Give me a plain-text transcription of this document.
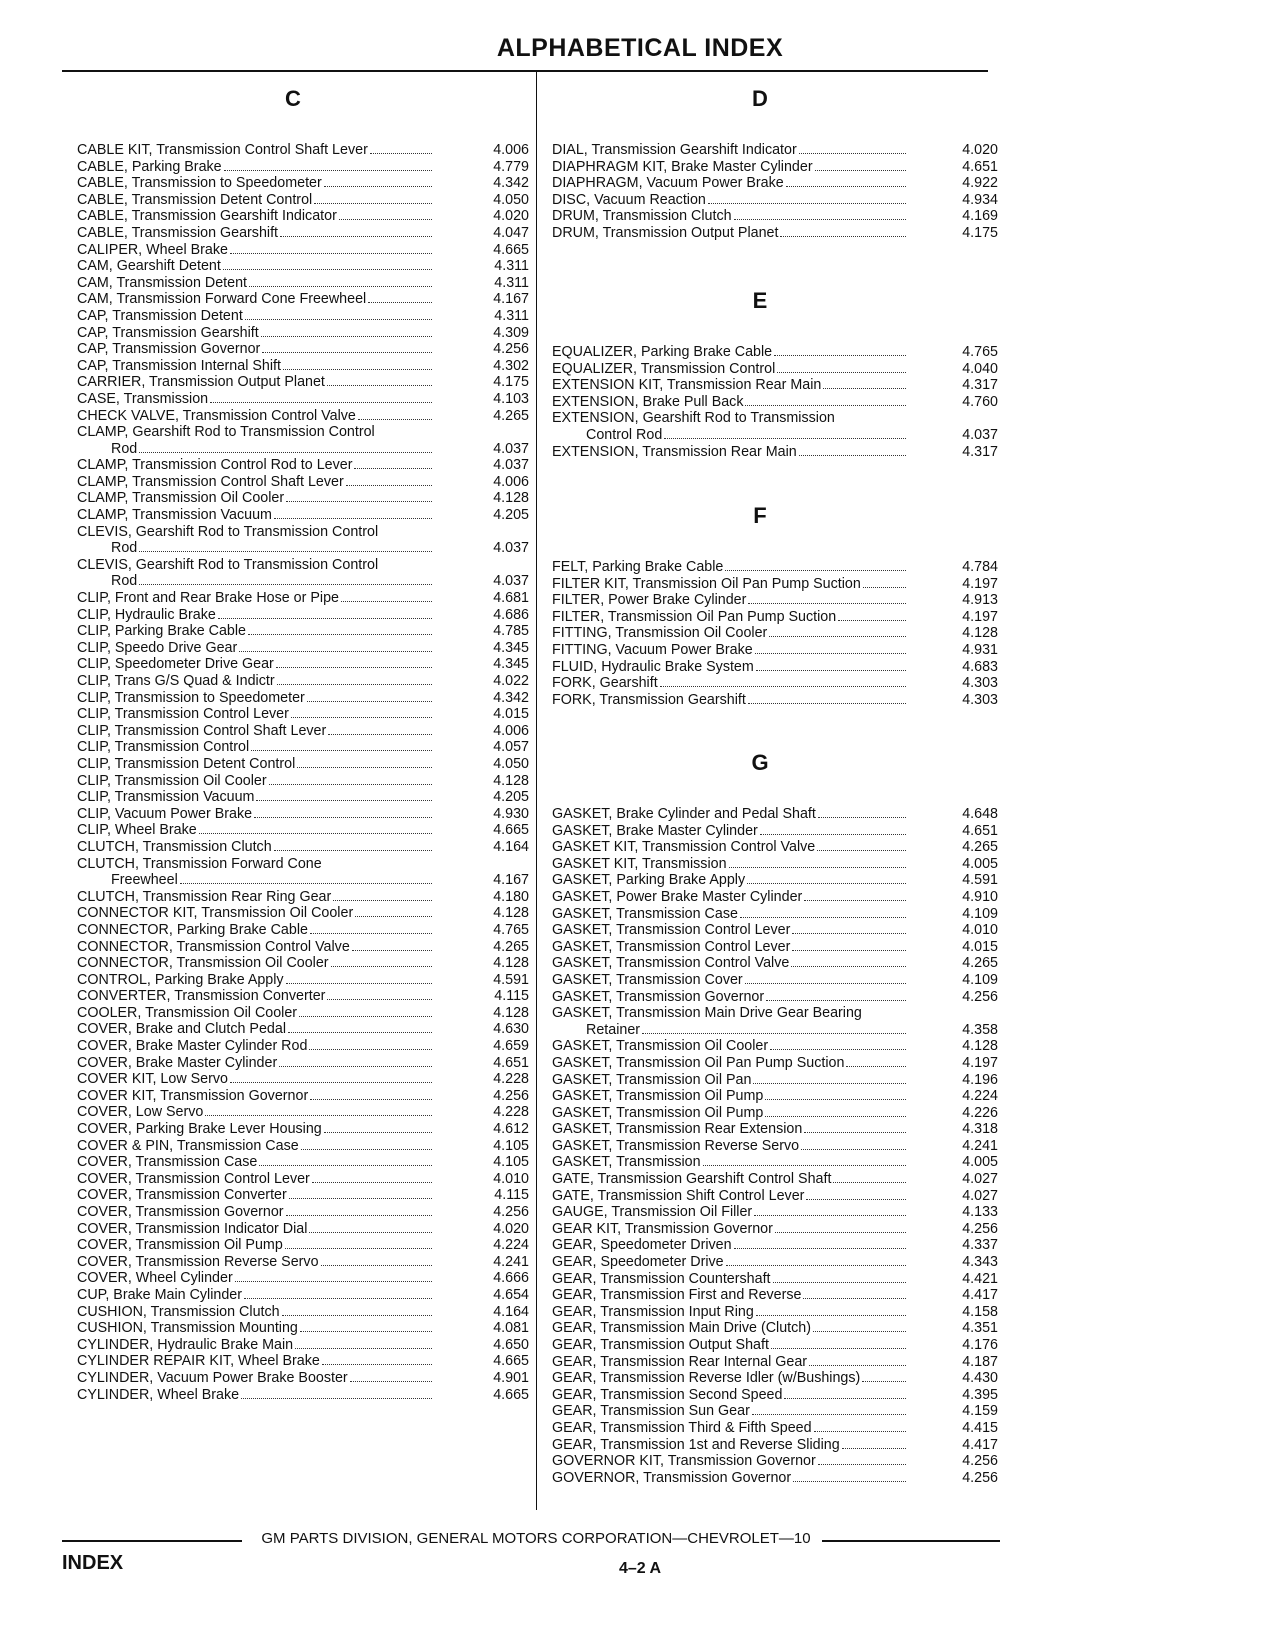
ALPHABETICAL INDEX
C
CABLE KIT, Transmission Control Shaft Lever	4.006
CABLE, Parking Brake	4.779
CABLE, Transmission to Speedometer	4.342
CABLE, Transmission Detent Control	4.050
CABLE, Transmission Gearshift Indicator	4.020
CABLE, Transmission Gearshift	4.047
CALIPER, Wheel Brake	4.665
CAM, Gearshift Detent	4.311
CAM, Transmission Detent	4.311
CAM, Transmission Forward Cone Freewheel	4.167
CAP, Transmission Detent	4.311
CAP, Transmission Gearshift	4.309
CAP, Transmission Governor	4.256
CAP, Transmission Internal Shift	4.302
CARRIER, Transmission Output Planet	4.175
CASE, Transmission	4.103
CHECK VALVE, Transmission Control Valve	4.265
CLAMP, Gearshift Rod to Transmission Control
Rod	4.037
CLAMP, Transmission Control Rod to Lever	4.037
CLAMP, Transmission Control Shaft Lever	4.006
CLAMP, Transmission Oil Cooler	4.128
CLAMP, Transmission Vacuum	4.205
CLEVIS, Gearshift Rod to Transmission Control
Rod	4.037
CLEVIS, Gearshift Rod to Transmission Control
Rod	4.037
CLIP, Front and Rear Brake Hose or Pipe	4.681
CLIP, Hydraulic Brake	4.686
CLIP, Parking Brake Cable	4.785
CLIP, Speedo Drive Gear	4.345
CLIP, Speedometer Drive Gear	4.345
CLIP, Trans G/S Quad & Indictr	4.022
CLIP, Transmission to Speedometer	4.342
CLIP, Transmission Control Lever	4.015
CLIP, Transmission Control Shaft Lever	4.006
CLIP, Transmission Control	4.057
CLIP, Transmission Detent Control	4.050
CLIP, Transmission Oil Cooler	4.128
CLIP, Transmission Vacuum	4.205
CLIP, Vacuum Power Brake	4.930
CLIP, Wheel Brake	4.665
CLUTCH, Transmission Clutch	4.164
CLUTCH, Transmission Forward Cone
Freewheel	4.167
CLUTCH, Transmission Rear Ring Gear	4.180
CONNECTOR KIT, Transmission Oil Cooler	4.128
CONNECTOR, Parking Brake Cable	4.765
CONNECTOR, Transmission Control Valve	4.265
CONNECTOR, Transmission Oil Cooler	4.128
CONTROL, Parking Brake Apply	4.591
CONVERTER, Transmission Converter	4.115
COOLER, Transmission Oil Cooler	4.128
COVER, Brake and Clutch Pedal	4.630
COVER, Brake Master Cylinder Rod	4.659
COVER, Brake Master Cylinder	4.651
COVER KIT, Low Servo	4.228
COVER KIT, Transmission Governor	4.256
COVER, Low Servo	4.228
COVER, Parking Brake Lever Housing	4.612
COVER & PIN, Transmission Case	4.105
COVER, Transmission Case	4.105
COVER, Transmission Control Lever	4.010
COVER, Transmission Converter	4.115
COVER, Transmission Governor	4.256
COVER, Transmission Indicator Dial	4.020
COVER, Transmission Oil Pump	4.224
COVER, Transmission Reverse Servo	4.241
COVER, Wheel Cylinder	4.666
CUP, Brake Main Cylinder	4.654
CUSHION, Transmission Clutch	4.164
CUSHION, Transmission Mounting	4.081
CYLINDER, Hydraulic Brake Main	4.650
CYLINDER REPAIR KIT, Wheel Brake	4.665
CYLINDER, Vacuum Power Brake Booster	4.901
CYLINDER, Wheel Brake	4.665
D
DIAL, Transmission Gearshift Indicator	4.020
DIAPHRAGM KIT, Brake Master Cylinder	4.651
DIAPHRAGM, Vacuum Power Brake	4.922
DISC, Vacuum Reaction	4.934
DRUM, Transmission Clutch	4.169
DRUM, Transmission Output Planet	4.175
E
EQUALIZER, Parking Brake Cable	4.765
EQUALIZER, Transmission Control	4.040
EXTENSION KIT, Transmission Rear Main	4.317
EXTENSION, Brake Pull Back	4.760
EXTENSION, Gearshift Rod to Transmission
Control Rod	4.037
EXTENSION, Transmission Rear Main	4.317
F
FELT, Parking Brake Cable	4.784
FILTER KIT, Transmission Oil Pan Pump Suction	4.197
FILTER, Power Brake Cylinder	4.913
FILTER, Transmission Oil Pan Pump Suction	4.197
FITTING, Transmission Oil Cooler	4.128
FITTING, Vacuum Power Brake	4.931
FLUID, Hydraulic Brake System	4.683
FORK, Gearshift	4.303
FORK, Transmission Gearshift	4.303
G
GASKET, Brake Cylinder and Pedal Shaft	4.648
GASKET, Brake Master Cylinder	4.651
GASKET KIT, Transmission Control Valve	4.265
GASKET KIT, Transmission	4.005
GASKET, Parking Brake Apply	4.591
GASKET, Power Brake Master Cylinder	4.910
GASKET, Transmission Case	4.109
GASKET, Transmission Control Lever	4.010
GASKET, Transmission Control Lever	4.015
GASKET, Transmission Control Valve	4.265
GASKET, Transmission Cover	4.109
GASKET, Transmission Governor	4.256
GASKET, Transmission Main Drive Gear Bearing
Retainer	4.358
GASKET, Transmission Oil Cooler	4.128
GASKET, Transmission Oil Pan Pump Suction	4.197
GASKET, Transmission Oil Pan	4.196
GASKET, Transmission Oil Pump	4.224
GASKET, Transmission Oil Pump	4.226
GASKET, Transmission Rear Extension	4.318
GASKET, Transmission Reverse Servo	4.241
GASKET, Transmission	4.005
GATE, Transmission Gearshift Control Shaft	4.027
GATE, Transmission Shift Control Lever	4.027
GAUGE, Transmission Oil Filler	4.133
GEAR KIT, Transmission Governor	4.256
GEAR, Speedometer Driven	4.337
GEAR, Speedometer Drive	4.343
GEAR, Transmission Countershaft	4.421
GEAR, Transmission First and Reverse	4.417
GEAR, Transmission Input Ring	4.158
GEAR, Transmission Main Drive (Clutch)	4.351
GEAR, Transmission Output Shaft	4.176
GEAR, Transmission Rear Internal Gear	4.187
GEAR, Transmission Reverse Idler (w/Bushings)	4.430
GEAR, Transmission Second Speed	4.395
GEAR, Transmission Sun Gear	4.159
GEAR, Transmission Third & Fifth Speed	4.415
GEAR, Transmission 1st and Reverse Sliding	4.417
GOVERNOR KIT, Transmission Governor	4.256
GOVERNOR, Transmission Governor	4.256
GM PARTS DIVISION, GENERAL MOTORS CORPORATION—CHEVROLET—10
INDEX	4–2 A
